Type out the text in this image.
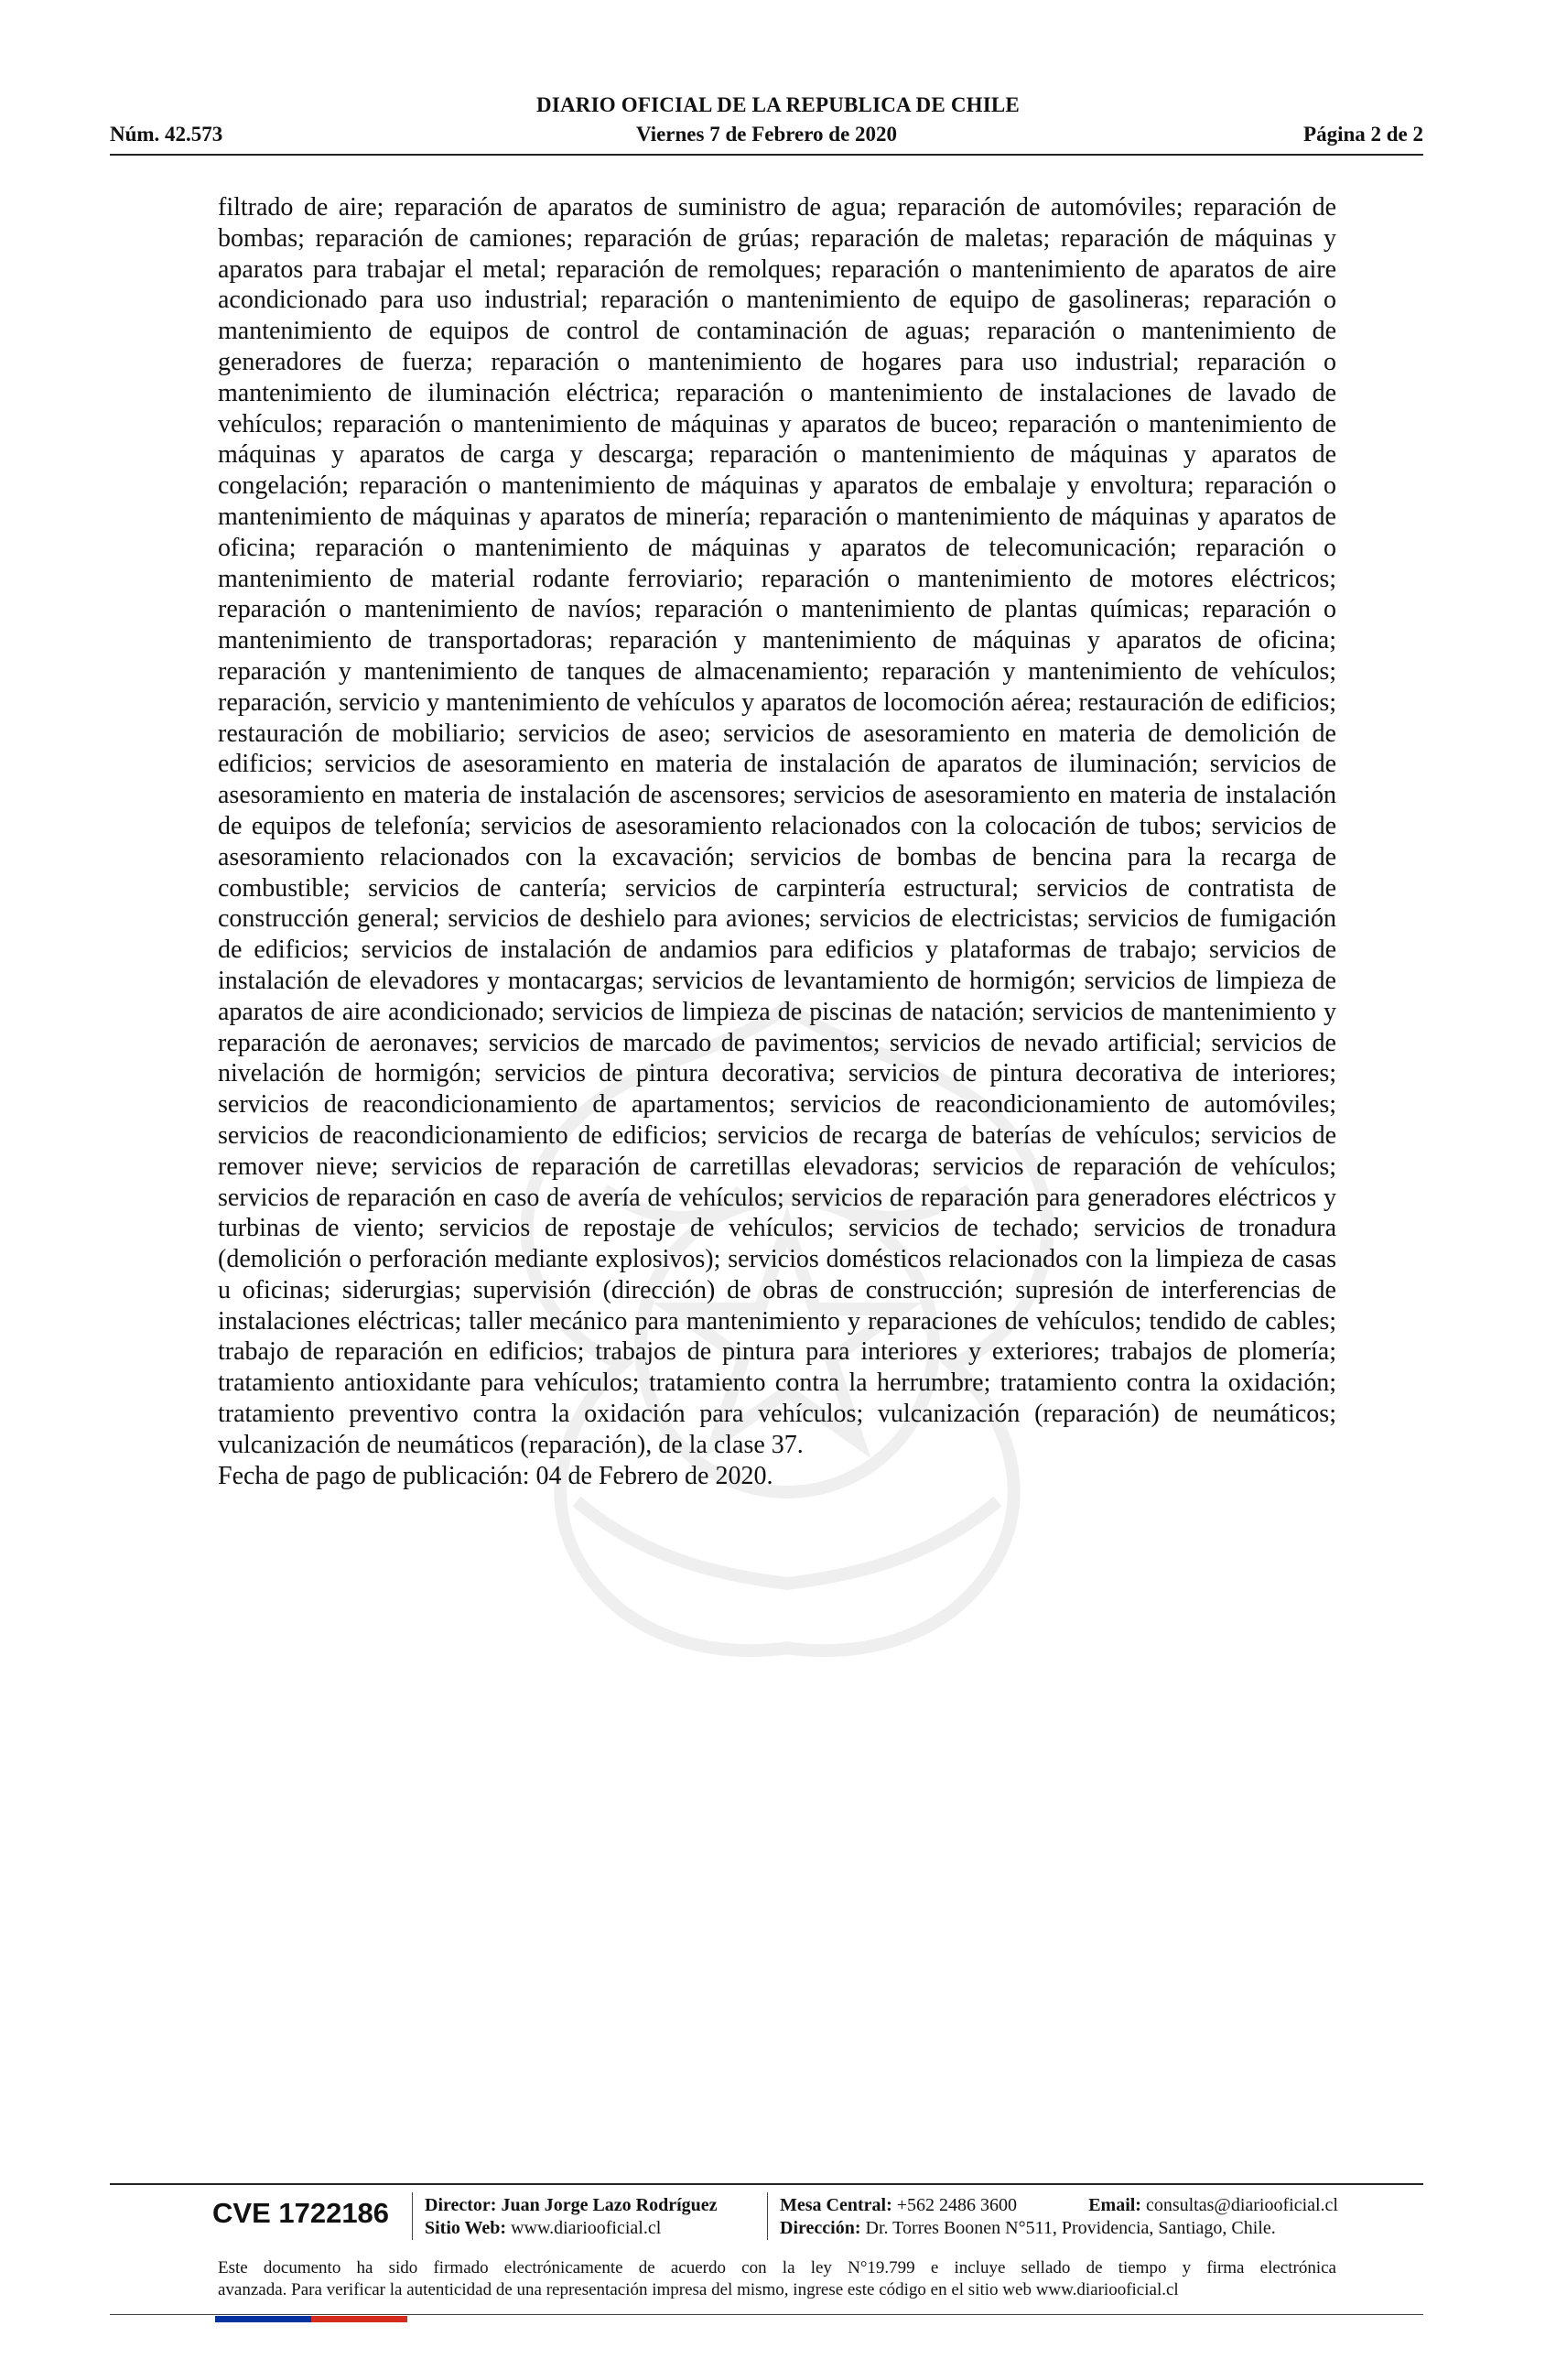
DIARIO OFICIAL DE LA REPUBLICA DE CHILE
Núm. 42.573	Viernes 7 de Febrero de 2020	Página 2 de 2

filtrado de aire; reparación de aparatos de suministro de agua; reparación de automóviles; reparación de bombas; reparación de camiones; reparación de grúas; reparación de maletas; reparación de máquinas y aparatos para trabajar el metal; reparación de remolques; reparación o mantenimiento de aparatos de aire acondicionado para uso industrial; reparación o mantenimiento de equipo de gasolineras; reparación o mantenimiento de equipos de control de contaminación de aguas; reparación o mantenimiento de generadores de fuerza; reparación o mantenimiento de hogares para uso industrial; reparación o mantenimiento de iluminación eléctrica; reparación o mantenimiento de instalaciones de lavado de vehículos; reparación o mantenimiento de máquinas y aparatos de buceo; reparación o mantenimiento de máquinas y aparatos de carga y descarga; reparación o mantenimiento de máquinas y aparatos de congelación; reparación o mantenimiento de máquinas y aparatos de embalaje y envoltura; reparación o mantenimiento de máquinas y aparatos de minería; reparación o mantenimiento de máquinas y aparatos de oficina; reparación o mantenimiento de máquinas y aparatos de telecomunicación; reparación o mantenimiento de material rodante ferroviario; reparación o mantenimiento de motores eléctricos; reparación o mantenimiento de navíos; reparación o mantenimiento de plantas químicas; reparación o mantenimiento de transportadoras; reparación y mantenimiento de máquinas y aparatos de oficina; reparación y mantenimiento de tanques de almacenamiento; reparación y mantenimiento de vehículos; reparación, servicio y mantenimiento de vehículos y aparatos de locomoción aérea; restauración de edificios; restauración de mobiliario; servicios de aseo; servicios de asesoramiento en materia de demolición de edificios; servicios de asesoramiento en materia de instalación de aparatos de iluminación; servicios de asesoramiento en materia de instalación de ascensores; servicios de asesoramiento en materia de instalación de equipos de telefonía; servicios de asesoramiento relacionados con la colocación de tubos; servicios de asesoramiento relacionados con la excavación; servicios de bombas de bencina para la recarga de combustible; servicios de cantería; servicios de carpintería estructural; servicios de contratista de construcción general; servicios de deshielo para aviones; servicios de electricistas; servicios de fumigación de edificios; servicios de instalación de andamios para edificios y plataformas de trabajo; servicios de instalación de elevadores y montacargas; servicios de levantamiento de hormigón; servicios de limpieza de aparatos de aire acondicionado; servicios de limpieza de piscinas de natación; servicios de mantenimiento y reparación de aeronaves; servicios de marcado de pavimentos; servicios de nevado artificial; servicios de nivelación de hormigón; servicios de pintura decorativa; servicios de pintura decorativa de interiores; servicios de reacondicionamiento de apartamentos; servicios de reacondicionamiento de automóviles; servicios de reacondicionamiento de edificios; servicios de recarga de baterías de vehículos; servicios de remover nieve; servicios de reparación de carretillas elevadoras; servicios de reparación de vehículos; servicios de reparación en caso de avería de vehículos; servicios de reparación para generadores eléctricos y turbinas de viento; servicios de repostaje de vehículos; servicios de techado; servicios de tronadura (demolición o perforación mediante explosivos); servicios domésticos relacionados con la limpieza de casas u oficinas; siderurgias; supervisión (dirección) de obras de construcción; supresión de interferencias de instalaciones eléctricas; taller mecánico para mantenimiento y reparaciones de vehículos; tendido de cables; trabajo de reparación en edificios; trabajos de pintura para interiores y exteriores; trabajos de plomería; tratamiento antioxidante para vehículos; tratamiento contra la herrumbre; tratamiento contra la oxidación; tratamiento preventivo contra la oxidación para vehículos; vulcanización (reparación) de neumáticos; vulcanización de neumáticos (reparación), de la clase 37.

Fecha de pago de publicación: 04 de Febrero de 2020.

CVE 1722186	Director: Juan Jorge Lazo Rodríguez
Sitio Web: www.diariooficial.cl
Mesa Central: +562 2486 3600	Email: consultas@diariooficial.cl
Dirección: Dr. Torres Boonen N°511, Providencia, Santiago, Chile.
Este documento ha sido firmado electrónicamente de acuerdo con la ley N°19.799 e incluye sellado de tiempo y firma electrónica
avanzada. Para verificar la autenticidad de una representación impresa del mismo, ingrese este código en el sitio web www.diariooficial.cl
